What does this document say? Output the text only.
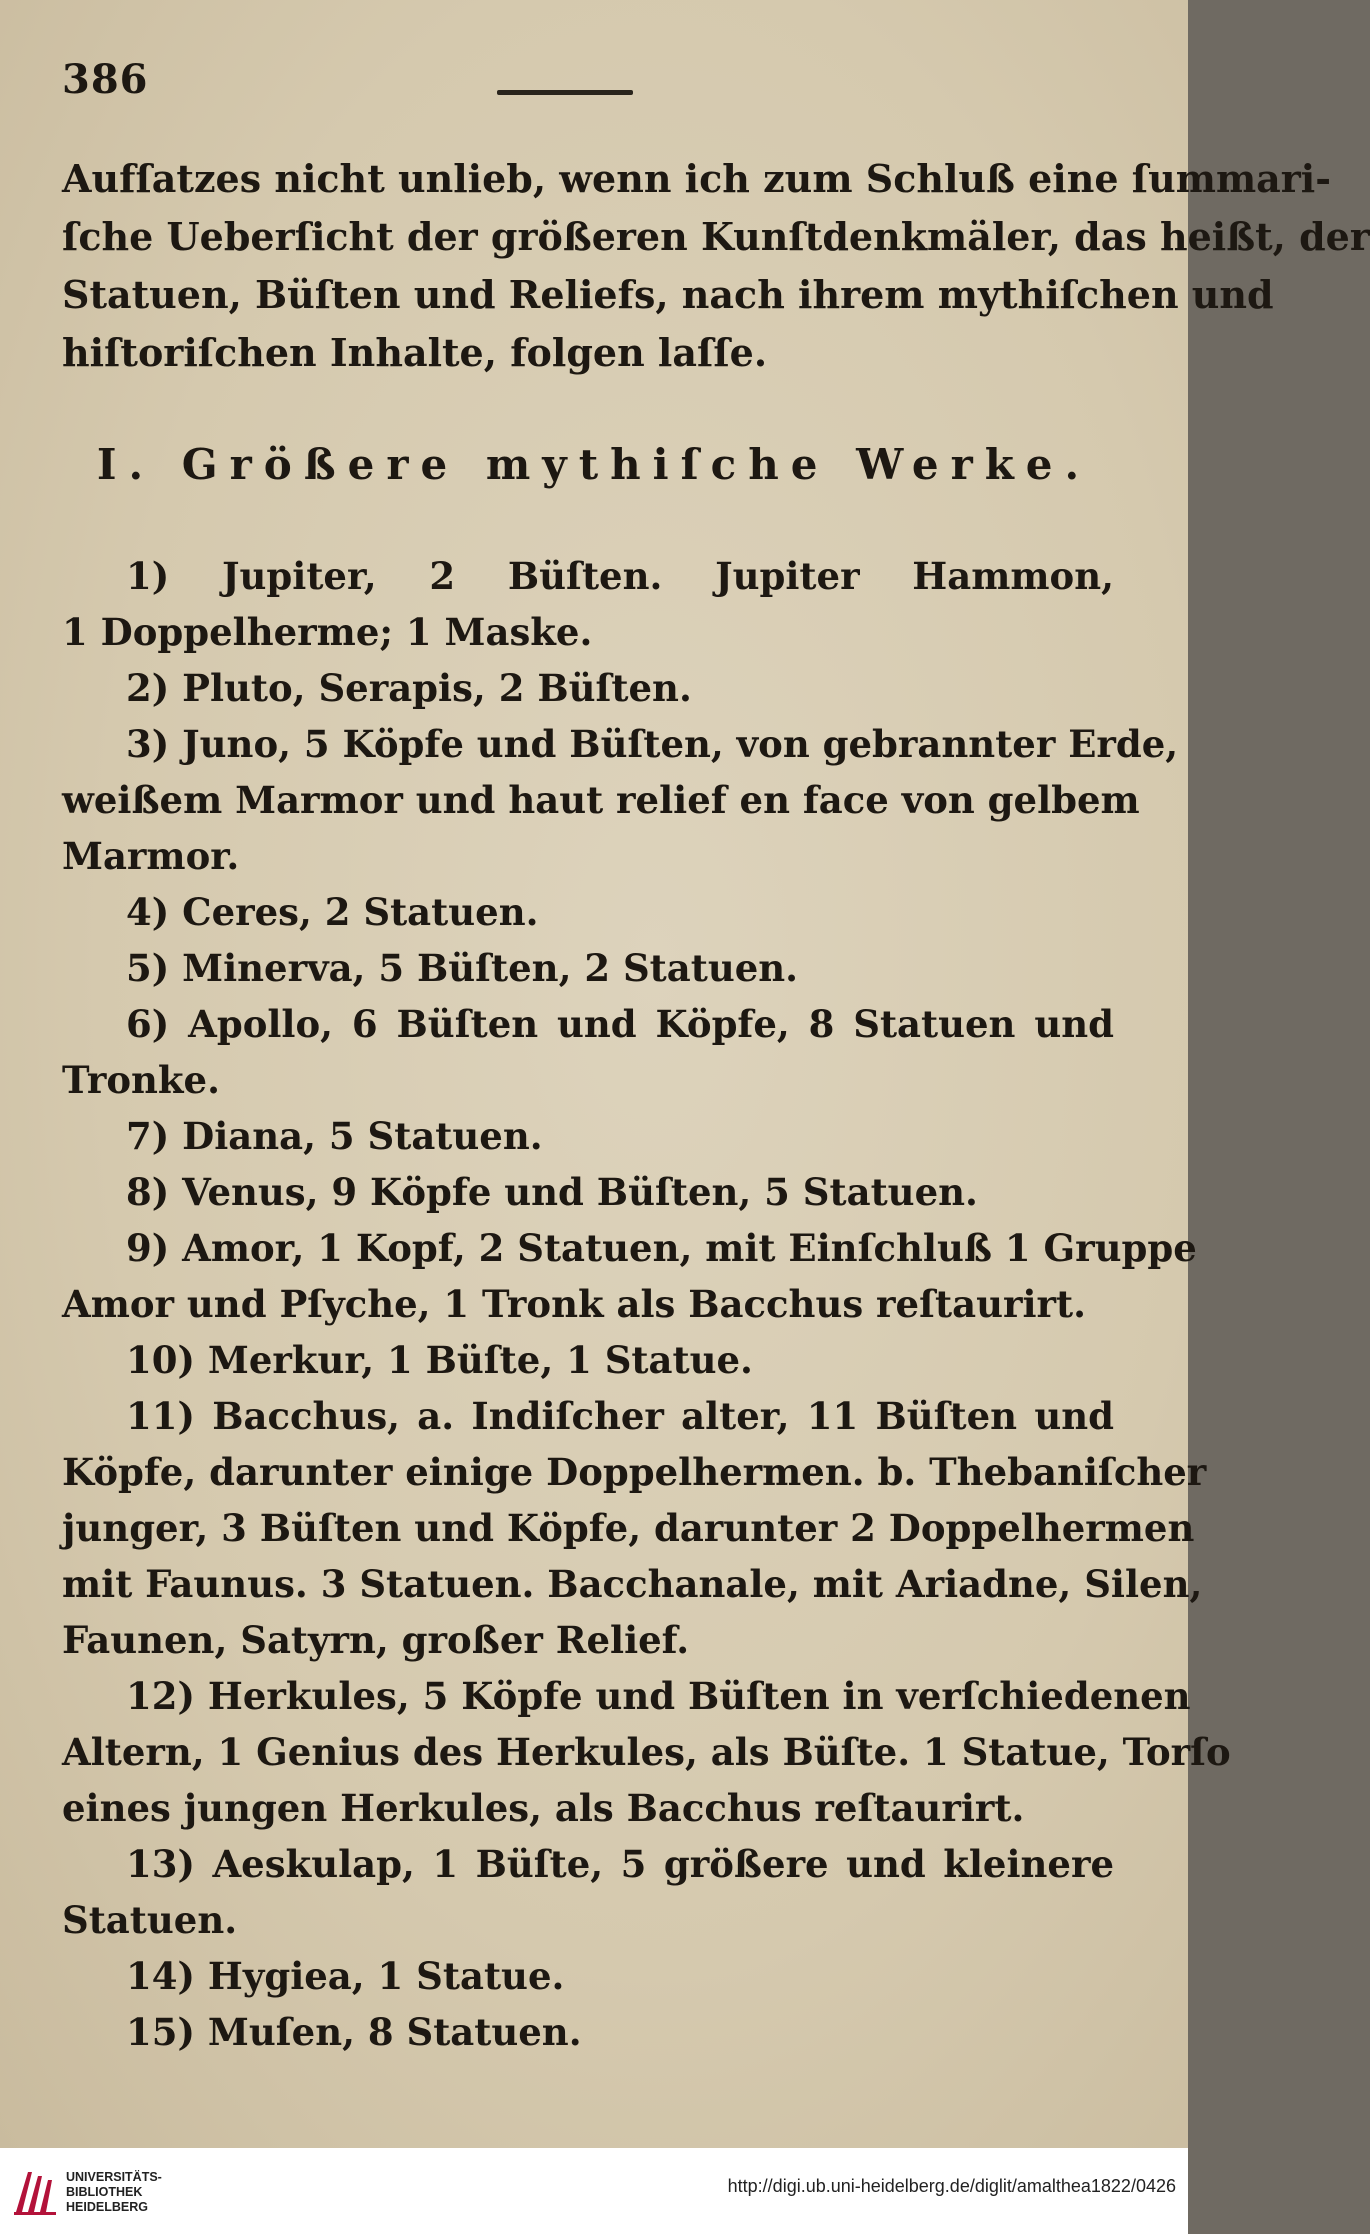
386
Aufſatzes nicht unlieb, wenn ich zum Schluß eine ſummari-
ſche Ueberſicht der größeren Kunſtdenkmäler, das heißt, der
Statuen, Büſten und Reliefs, nach ihrem mythiſchen und
hiſtoriſchen Inhalte, folgen laſſe.
I. Größere mythiſche Werke.
1) Jupiter, 2 Büſten. Jupiter Hammon,
1 Doppelherme; 1 Maske.
2) Pluto, Serapis, 2 Büſten.
3) Juno, 5 Köpfe und Büſten, von gebrannter Erde,
weißem Marmor und haut relief en face von gelbem
Marmor.
4) Ceres, 2 Statuen.
5) Minerva, 5 Büſten, 2 Statuen.
6) Apollo, 6 Büſten und Köpfe, 8 Statuen und
Tronke.
7) Diana, 5 Statuen.
8) Venus, 9 Köpfe und Büſten, 5 Statuen.
9) Amor, 1 Kopf, 2 Statuen, mit Einſchluß 1 Gruppe
Amor und Pſyche, 1 Tronk als Bacchus reſtaurirt.
10) Merkur, 1 Büſte, 1 Statue.
11) Bacchus, a. Indiſcher alter, 11 Büſten und
Köpfe, darunter einige Doppelhermen. b. Thebaniſcher
junger, 3 Büſten und Köpfe, darunter 2 Doppelhermen
mit Faunus. 3 Statuen. Bacchanale, mit Ariadne, Silen,
Faunen, Satyrn, großer Relief.
12) Herkules, 5 Köpfe und Büſten in verſchiedenen
Altern, 1 Genius des Herkules, als Büſte. 1 Statue, Torſo
eines jungen Herkules, als Bacchus reſtaurirt.
13) Aeskulap, 1 Büſte, 5 größere und kleinere
Statuen.
14) Hygiea, 1 Statue.
15) Muſen, 8 Statuen.
UNIVERSITÄTS-
BIBLIOTHEK
HEIDELBERG
http://digi.ub.uni-heidelberg.de/diglit/amalthea1822/0426
